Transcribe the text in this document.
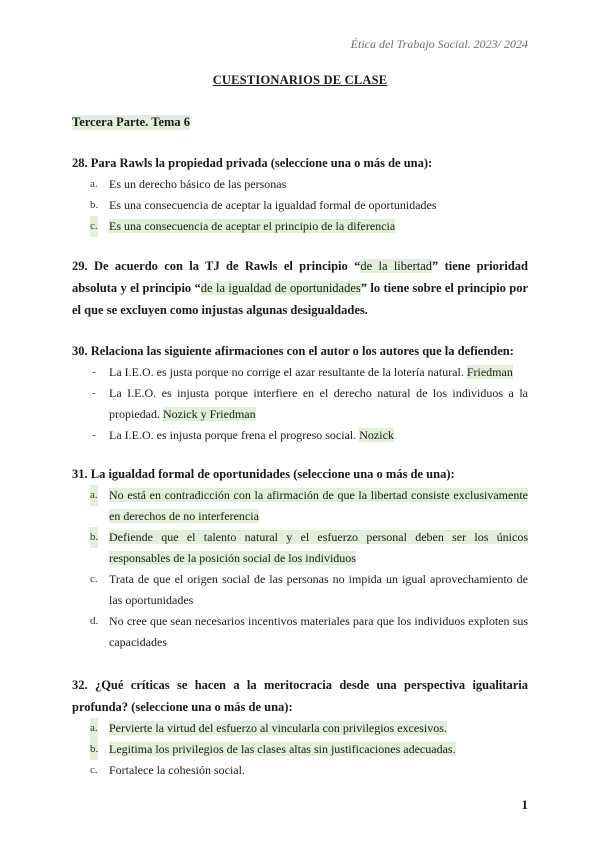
Ética del Trabajo Social. 2023/ 2024
CUESTIONARIOS DE CLASE
Tercera Parte. Tema 6
28. Para Rawls la propiedad privada (seleccione una o más de una):
a. Es un derecho básico de las personas
b. Es una consecuencia de aceptar la igualdad formal de oportunidades
c. Es una consecuencia de aceptar el principio de la diferencia
29. De acuerdo con la TJ de Rawls el principio “de la libertad” tiene prioridad absoluta y el principio “de la igualdad de oportunidades” lo tiene sobre el principio por el que se excluyen como injustas algunas desigualdades.
30. Relaciona las siguiente afirmaciones con el autor o los autores que la defienden:
- La I.E.O. es justa porque no corrige el azar resultante de la lotería natural. Friedman
- La I.E.O. es injusta porque interfiere en el derecho natural de los individuos a la propiedad. Nozick y Friedman
- La I.E.O. es injusta porque frena el progreso social. Nozick
31. La igualdad formal de oportunidades (seleccione una o más de una):
a. No está en contradicción con la afirmación de que la libertad consiste exclusivamente en derechos de no interferencia
b. Defiende que el talento natural y el esfuerzo personal deben ser los únicos responsables de la posición social de los individuos
c. Trata de que el origen social de las personas no impida un igual aprovechamiento de las oportunidades
d. No cree que sean necesarios incentivos materiales para que los individuos exploten sus capacidades
32. ¿Qué críticas se hacen a la meritocracia desde una perspectiva igualitaria profunda? (seleccione una o más de una):
a. Pervierte la virtud del esfuerzo al vincularla con privilegios excesivos.
b. Legitima los privilegios de las clases altas sin justificaciones adecuadas.
c. Fortalece la cohesión social.
1
